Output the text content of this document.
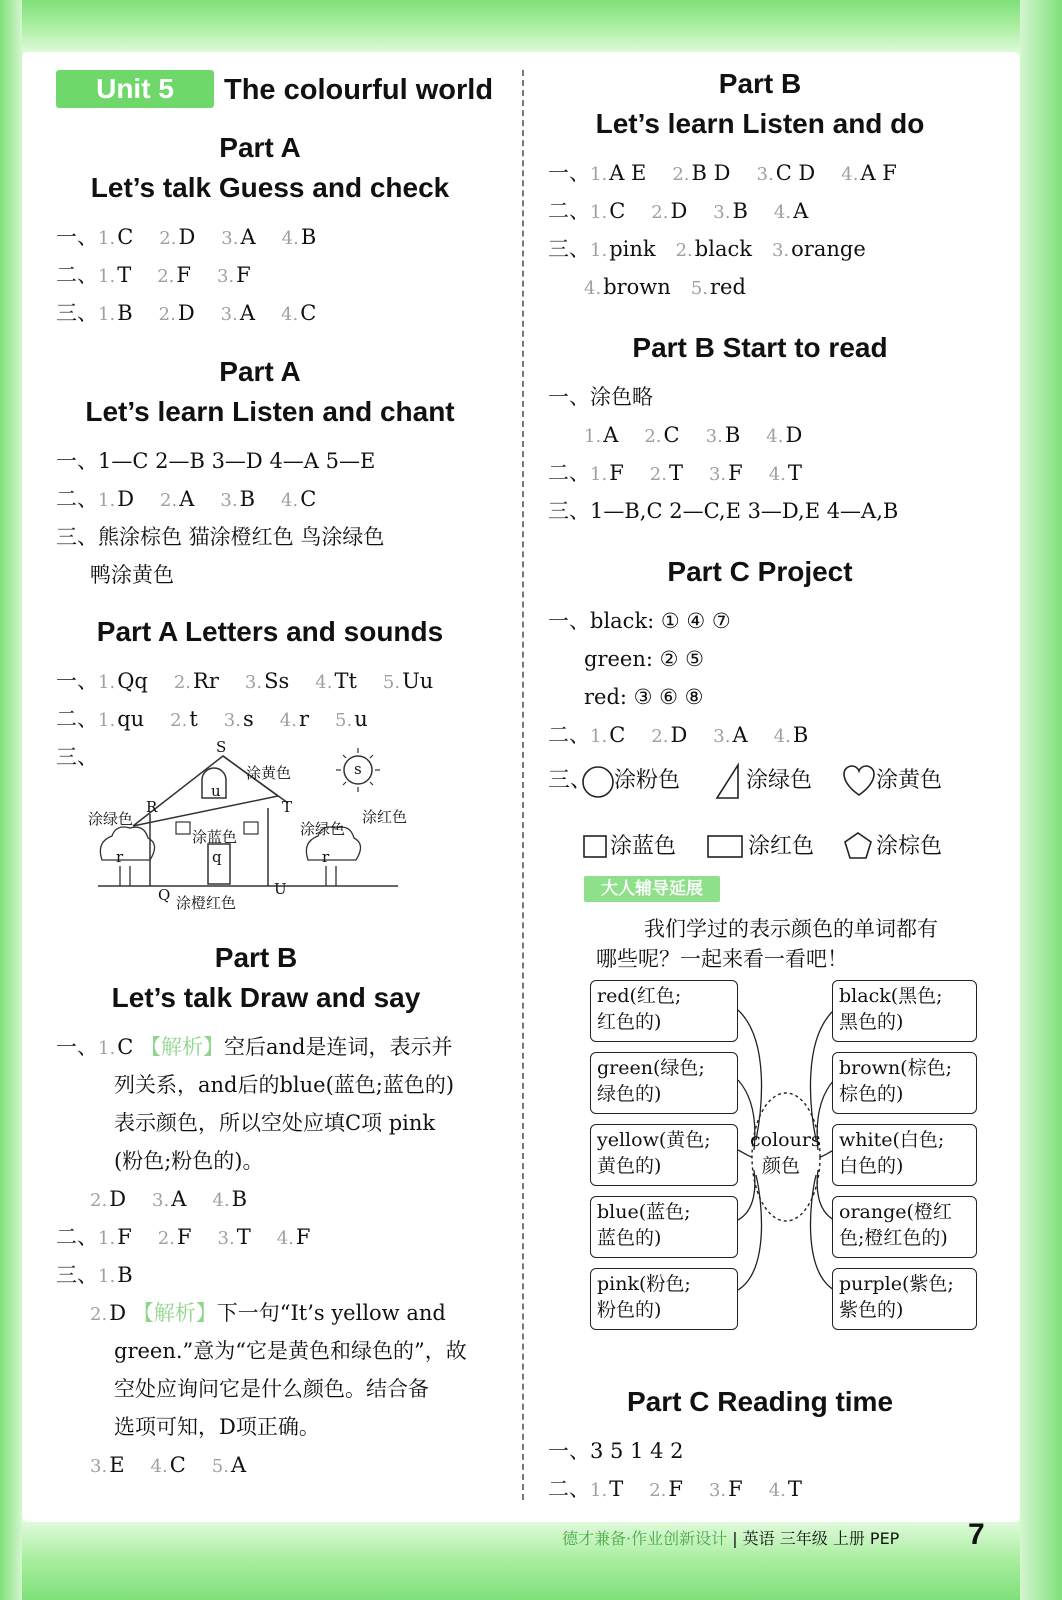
Unit 5	The colourful world
Part A
Let’s talk Guess and check
一、1.C 2.D 3.A 4.B
二、1.T 2.F 3.F
三、1.B 2.D 3.A 4.C
Part A
Let’s learn Listen and chant
一、1—C 2—B 3—D 4—A 5—E
二、1.D 2.A 3.B 4.C
三、熊涂棕色 猫涂橙红色 鸟涂绿色
鸭涂黄色
Part A Letters and sounds
一、1.Qq 2.Rr 3.Ss 4.Tt 5.Uu
二、1.qu 2.t 3.s 4.r 5.u
三、	S
u
涂黄色	s
涂红色
R	T
涂绿色
涂绿色
涂蓝色
q
r	r
Q	U
涂橙红色
Part B
Let’s talk Draw and say
一、1.C 【解析】空后and是连词，表示并
列关系，and后的blue(蓝色;蓝色的)
表示颜色，所以空处应填C项 pink
(粉色;粉色的)。
2.D 3.A 4.B
二、1.F 2.F 3.T 4.F
三、1.B
2.D 【解析】下一句“It’s yellow and
green.”意为“它是黄色和绿色的”，故
空处应询问它是什么颜色。结合备
选项可知，D项正确。
3.E 4.C 5.A
Part B
Let’s learn Listen and do
一、1.A E 2.B D 3.C D 4.A F
二、1.C 2.D 3.B 4.A
三、1.pink 2.black 3.orange
4.brown 5.red
Part B Start to read
一、涂色略
1.A 2.C 3.B 4.D
二、1.F 2.T 3.F 4.T
三、1—B,C 2—C,E 3—D,E 4—A,B
Part C Project
一、black: ① ④ ⑦
green: ② ⑤
red: ③ ⑥ ⑧
二、1.C 2.D 3.A 4.B
三、 涂粉色	涂绿色	涂黄色
涂蓝色	涂红色	涂棕色
大人辅导延展
我们学过的表示颜色的单词都有
哪些呢？一起来看一看吧！
colours
颜色
red(红色;
红色的)
green(绿色;
绿色的)
yellow(黄色;
黄色的)
blue(蓝色;
蓝色的)
pink(粉色;
粉色的)
black(黑色;
黑色的)
brown(棕色;
棕色的)
white(白色;
白色的)
orange(橙红
色;橙红色的)
purple(紫色;
紫色的)
Part C Reading time
一、3 5 1 4 2
二、1.T 2.F 3.F 4.T
德才兼备·作业创新设计 | 英语 三年级 上册 PEP 7
